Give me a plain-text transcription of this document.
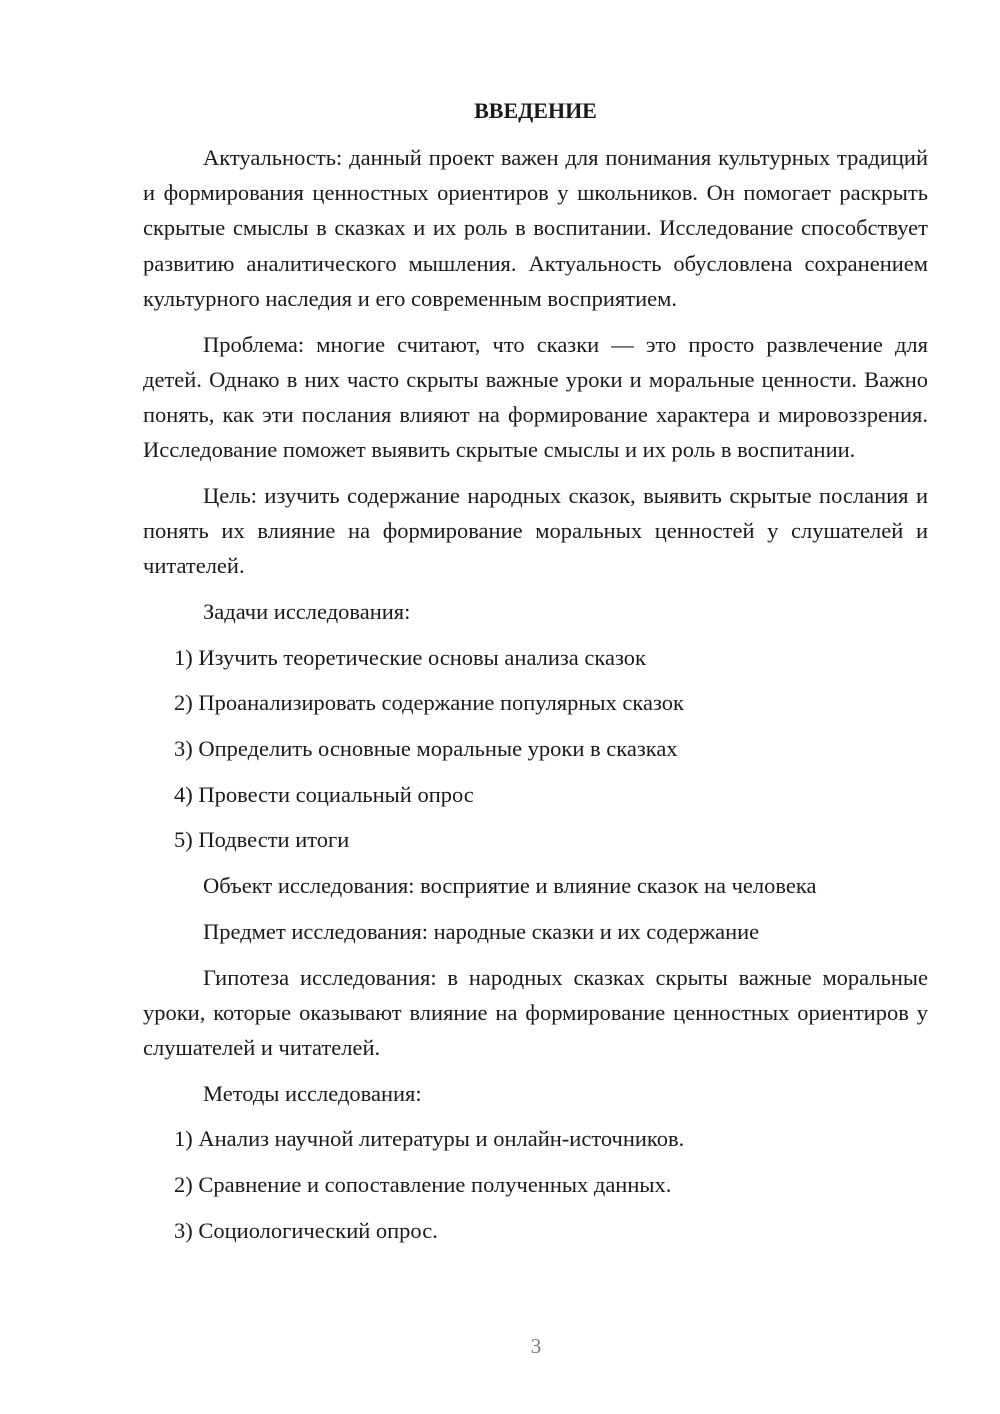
ВВЕДЕНИЕ
Актуальность: данный проект важен для понимания культурных традиций и формирования ценностных ориентиров у школьников. Он помогает раскрыть скрытые смыслы в сказках и их роль в воспитании. Исследование способствует развитию аналитического мышления. Актуальность обусловлена сохранением культурного наследия и его современным восприятием.
Проблема: многие считают, что сказки — это просто развлечение для детей. Однако в них часто скрыты важные уроки и моральные ценности. Важно понять, как эти послания влияют на формирование характера и мировоззрения. Исследование поможет выявить скрытые смыслы и их роль в воспитании.
Цель: изучить содержание народных сказок, выявить скрытые послания и понять их влияние на формирование моральных ценностей у слушателей и читателей.
Задачи исследования:
1) Изучить теоретические основы анализа сказок
2) Проанализировать содержание популярных сказок
3) Определить основные моральные уроки в сказках
4) Провести социальный опрос
5) Подвести итоги
Объект исследования: восприятие и влияние сказок на человека
Предмет исследования: народные сказки и их содержание
Гипотеза исследования: в народных сказках скрыты важные моральные уроки, которые оказывают влияние на формирование ценностных ориентиров у слушателей и читателей.
Методы исследования:
1) Анализ научной литературы и онлайн-источников.
2) Сравнение и сопоставление полученных данных.
3) Социологический опрос.
3
